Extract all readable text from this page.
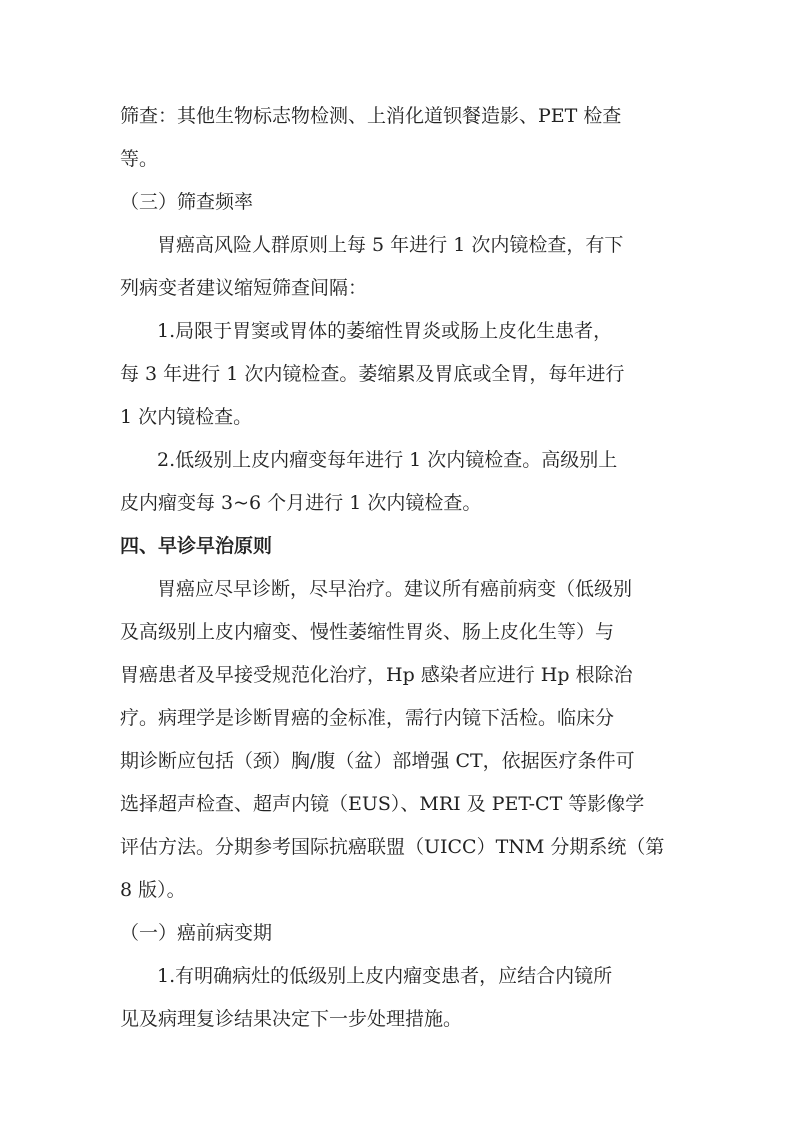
筛查：其他生物标志物检测、上消化道钡餐造影、PET 检查
等。
（三）筛查频率
胃癌高风险人群原则上每 5 年进行 1 次内镜检查，有下
列病变者建议缩短筛查间隔：
1.局限于胃窦或胃体的萎缩性胃炎或肠上皮化生患者，
每 3 年进行 1 次内镜检查。萎缩累及胃底或全胃，每年进行
1 次内镜检查。
2.低级别上皮内瘤变每年进行 1 次内镜检查。高级别上
皮内瘤变每 3~6 个月进行 1 次内镜检查。
四、早诊早治原则
胃癌应尽早诊断，尽早治疗。建议所有癌前病变（低级别
及高级别上皮内瘤变、慢性萎缩性胃炎、肠上皮化生等）与
胃癌患者及早接受规范化治疗，Hp 感染者应进行 Hp 根除治
疗。病理学是诊断胃癌的金标准，需行内镜下活检。临床分
期诊断应包括（颈）胸/腹（盆）部增强 CT，依据医疗条件可
选择超声检查、超声内镜（EUS）、MRI 及 PET-CT 等影像学
评估方法。分期参考国际抗癌联盟（UICC）TNM 分期系统（第
8 版）。
（一）癌前病变期
1.有明确病灶的低级别上皮内瘤变患者，应结合内镜所
见及病理复诊结果决定下一步处理措施。
